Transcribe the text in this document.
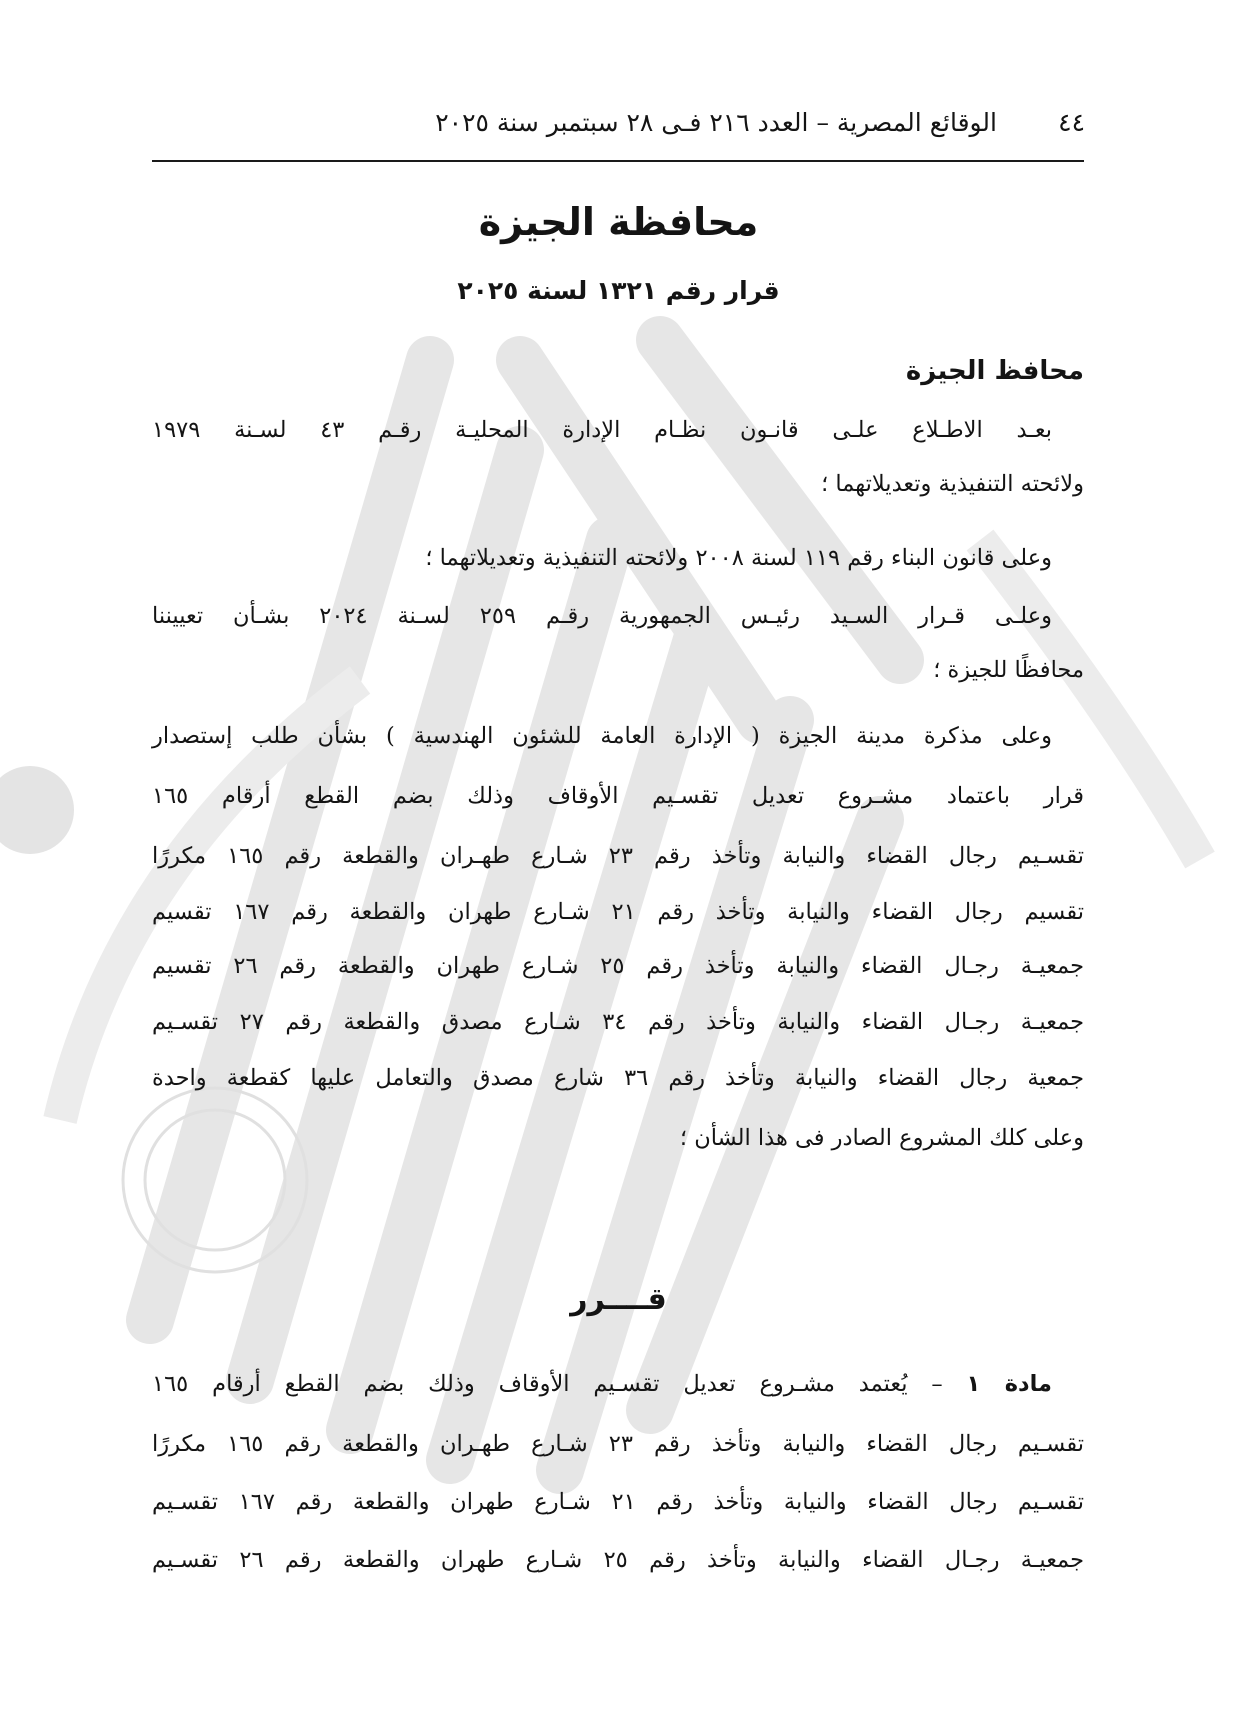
٤٤
الوقائع المصرية – العدد ٢١٦ فـى ٢٨ سبتمبر سنة ٢٠٢٥
محافظة الجيزة
قرار رقم ١٣٢١ لسنة ٢٠٢٥
محافظ الجيزة
بعـد الاطـلاع علـى قانـون نظـام الإدارة المحليـة رقـم ٤٣ لسـنة ١٩٧٩
ولائحته التنفيذية وتعديلاتهما ؛
وعلى قانون البناء رقم ١١٩ لسنة ٢٠٠٨ ولائحته التنفيذية وتعديلاتهما ؛
وعلـى قـرار السـيد رئيـس الجمهورية رقـم ٢٥٩ لسـنة ٢٠٢٤ بشـأن تعييننا
محافظًا للجيزة ؛
وعلى مذكرة مدينة الجيزة ( الإدارة العامة للشئون الهندسية ) بشأن طلب إستصدار
قرار باعتماد مشـروع تعديل تقسـيم الأوقاف وذلك بضم القطع أرقام ١٦٥
تقسـيم رجال القضاء والنيابة وتأخذ رقم ٢٣ شـارع طهـران والقطعة رقم ١٦٥ مكررًا
تقسيم رجال القضاء والنيابة وتأخذ رقم ٢١ شـارع طهران والقطعة رقم ١٦٧ تقسيم
جمعيـة رجـال القضاء والنيابة وتأخذ رقم ٢٥ شـارع طهران والقطعة رقم ٢٦ تقسيم
جمعيـة رجـال القضاء والنيابة وتأخذ رقم ٣٤ شـارع مصدق والقطعة رقم ٢٧ تقسـيم
جمعية رجال القضاء والنيابة وتأخذ رقم ٣٦ شارع مصدق والتعامل عليها كقطعة واحدة
وعلى كلك المشروع الصادر فى هذا الشأن ؛
قــــرر
مادة ١ – يُعتمد مشـروع تعديل تقسـيم الأوقاف وذلك بضم القطع أرقام ١٦٥
تقسـيم رجال القضاء والنيابة وتأخذ رقم ٢٣ شـارع طهـران والقطعة رقم ١٦٥ مكررًا
تقسـيم رجال القضاء والنيابة وتأخذ رقم ٢١ شـارع طهران والقطعة رقم ١٦٧ تقسـيم
جمعيـة رجـال القضاء والنيابة وتأخذ رقم ٢٥ شـارع طهران والقطعة رقم ٢٦ تقسـيم
